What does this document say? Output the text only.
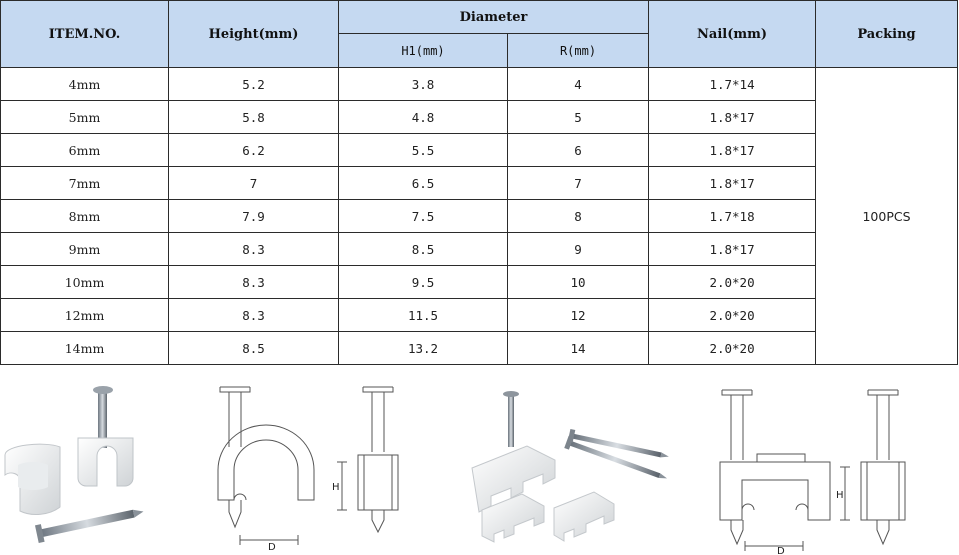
ITEM.NO.	Height(mm)	Diameter		Nail(mm)	Packing
		H1(mm)	R(mm)		
4mm	5.2	3.8	4	1.7*14	100PCS
5mm	5.8	4.8	5	1.8*17	
6mm	6.2	5.5	6	1.8*17	
7mm	7	6.5	7	1.8*17	
8mm	7.9	7.5	8	1.7*18	
9mm	8.3	8.5	9	1.8*17	
10mm	8.3	9.5	10	2.0*20	
12mm	8.3	11.5	12	2.0*20	
14mm	8.5	13.2	14	2.0*20	
D
H
D
H
